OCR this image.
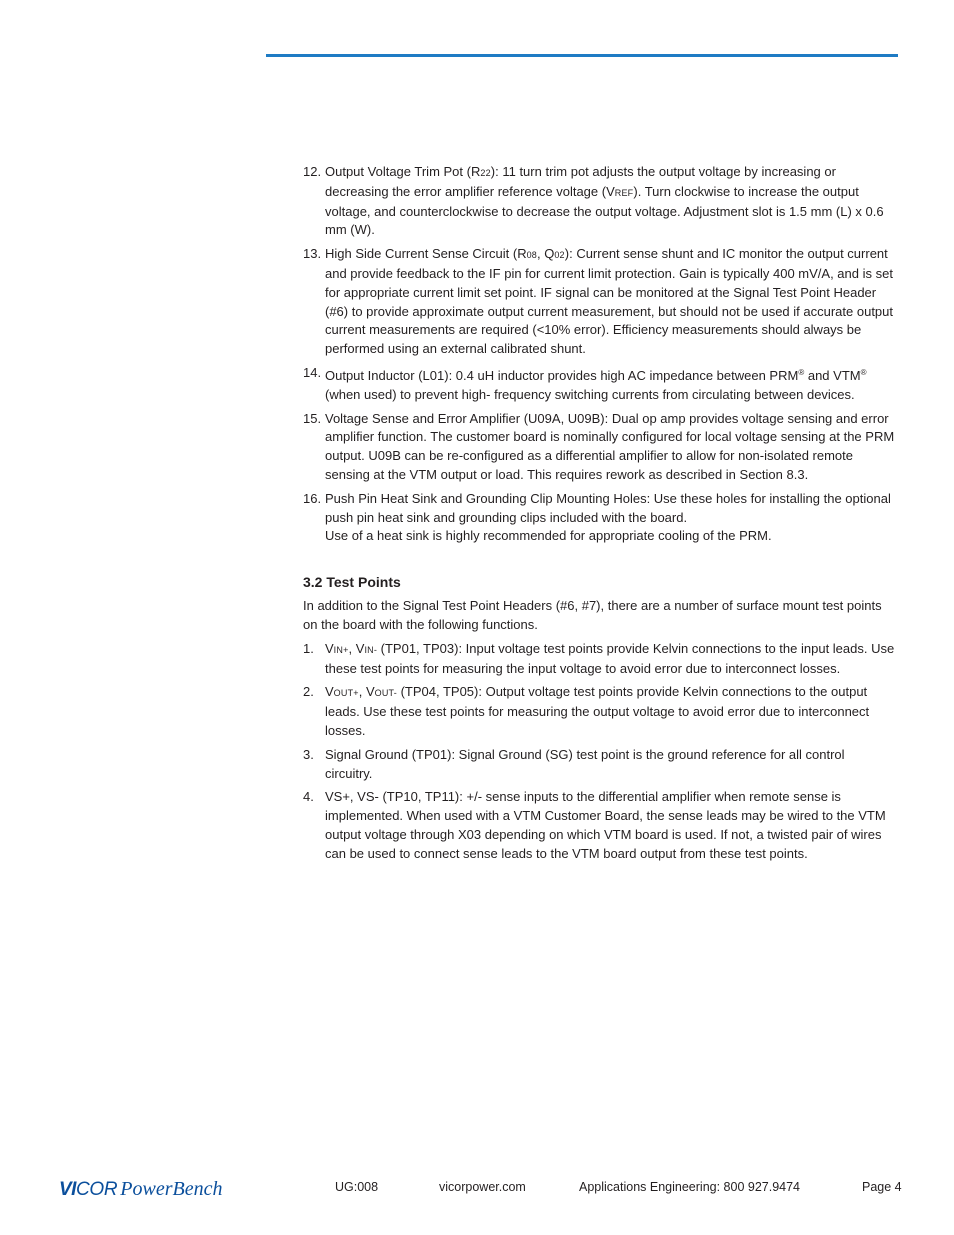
12. Output Voltage Trim Pot (R22): 11 turn trim pot adjusts the output voltage by increasing or decreasing the error amplifier reference voltage (VREF). Turn clockwise to increase the output voltage, and counterclockwise to decrease the output voltage. Adjustment slot is 1.5 mm (L) x 0.6 mm (W).
13. High Side Current Sense Circuit (R08, Q02): Current sense shunt and IC monitor the output current and provide feedback to the IF pin for current limit protection. Gain is typically 400 mV/A, and is set for appropriate current limit set point. IF signal can be monitored at the Signal Test Point Header (#6) to provide approximate output current measurement, but should not be used if accurate output current measurements are required (<10% error). Efficiency measurements should always be performed using an external calibrated shunt.
14. Output Inductor (L01): 0.4 uH inductor provides high AC impedance between PRM® and VTM® (when used) to prevent high- frequency switching currents from circulating between devices.
15. Voltage Sense and Error Amplifier (U09A, U09B): Dual op amp provides voltage sensing and error amplifier function. The customer board is nominally configured for local voltage sensing at the PRM output. U09B can be re-configured as a differential amplifier to allow for non-isolated remote sensing at the VTM output or load. This requires rework as described in Section 8.3.
16. Push Pin Heat Sink and Grounding Clip Mounting Holes: Use these holes for installing the optional push pin heat sink and grounding clips included with the board.
Use of a heat sink is highly recommended for appropriate cooling of the PRM.
3.2 Test Points

In addition to the Signal Test Point Headers (#6, #7), there are a number of surface mount test points on the board with the following functions.

1. VIN+, VIN- (TP01, TP03): Input voltage test points provide Kelvin connections to the input leads. Use these test points for measuring the input voltage to avoid error due to interconnect losses.
2. VOUT+, VOUT- (TP04, TP05): Output voltage test points provide Kelvin connections to the output leads. Use these test points for measuring the output voltage to avoid error due to interconnect losses.
3. Signal Ground (TP01): Signal Ground (SG) test point is the ground reference for all control circuitry.
4. VS+, VS- (TP10, TP11): +/- sense inputs to the differential amplifier when remote sense is implemented. When used with a VTM Customer Board, the sense leads may be wired to the VTM output voltage through X03 depending on which VTM board is used. If not, a twisted pair of wires can be used to connect sense leads to the VTM board output from these test points.
VI COR PowerBench	UG:008	vicorpower.com	Applications Engineering: 800 927.9474	Page 4
